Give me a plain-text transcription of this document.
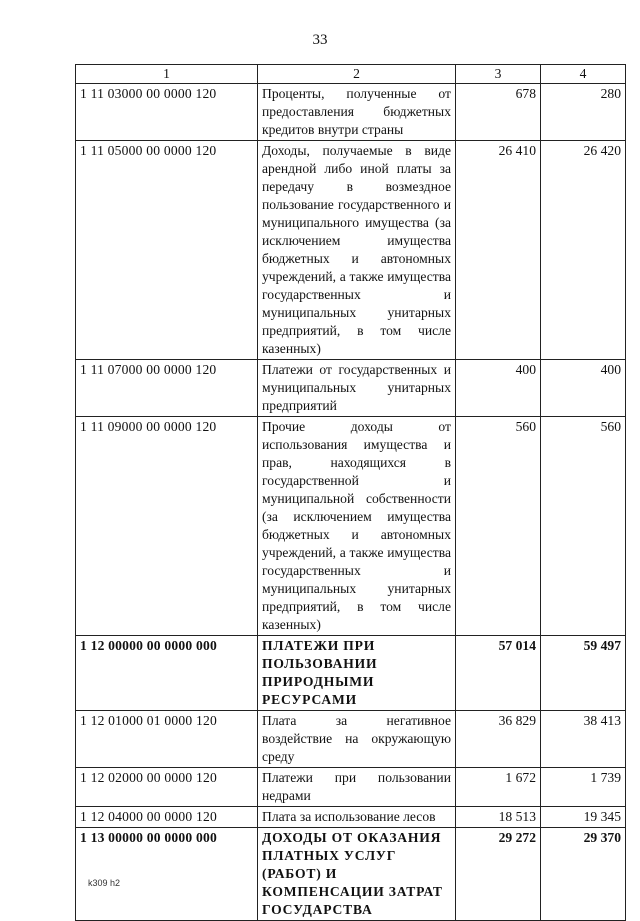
33
1	2	3	4
1 11 03000 00 0000 120	Проценты, полученные от предоставления бюджетных кредитов внутри страны	678	280
1 11 05000 00 0000 120	Доходы, получаемые в виде арендной либо иной платы за передачу в возмездное пользование государственного и муниципального имущества (за исключением имущества бюджетных и автономных учреждений, а также имущества государственных и муниципальных унитарных предприятий, в том числе казенных)	26 410	26 420
1 11 07000 00 0000 120	Платежи от государственных и муниципальных унитарных предприятий	400	400
1 11 09000 00 0000 120	Прочие доходы от использования имущества и прав, находящихся в государственной и муниципальной собственности (за исключением имущества бюджетных и автономных учреждений, а также имущества государственных и муниципальных унитарных предприятий, в том числе казенных)	560	560
1 12 00000 00 0000 000	ПЛАТЕЖИ ПРИ ПОЛЬЗОВАНИИ ПРИРОДНЫМИ РЕСУРСАМИ	57 014	59 497
1 12 01000 01 0000 120	Плата за негативное воздействие на окружающую среду	36 829	38 413
1 12 02000 00 0000 120	Платежи при пользовании недрами	1 672	1 739
1 12 04000 00 0000 120	Плата за использование лесов	18 513	19 345
1 13 00000 00 0000 000	ДОХОДЫ ОТ ОКАЗАНИЯ ПЛАТНЫХ УСЛУГ (РАБОТ) И КОМПЕНСАЦИИ ЗАТРАТ ГОСУДАРСТВА	29 272	29 370
k309 h2
